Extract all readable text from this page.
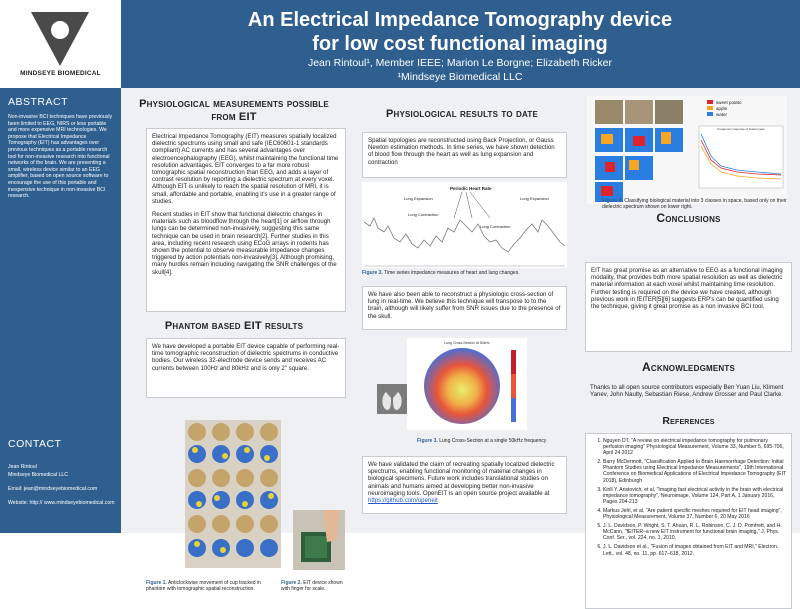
MINDSEYE BIOMEDICAL
An Electrical Impedance Tomography device
for low cost functional imaging
Jean Rintoul¹, Member IEEE; Marion Le Borgne; Elizabeth Ricker
¹Mindseye Biomedical LLC
ABSTRACT
Non-invasive BCI techniques have previously been limited to EEG, NIRS or less portable and more expensive MRI technologies. We propose that Electrical Impedance Tomography (EIT) has advantages over previous techniques as a portable research tool for non-invasive research into functional networks of the brain. We are presenting a small, wireless device similar to an EEG amplifier, based on open source software to encourage the use of this portable and inexpensive technique in non-invasive BCI research.
CONTACT
Jean Rintoul
Mindseye Biomedical LLC
Email: jean@mindseyebiomedical.com
Website: http:// www.mindseyebiomedical.com
Physiological measurements possible from EIT

Electrical Impedance Tomography (EIT) measures spatially localized dielectric spectrums using small and safe (IEC60601-1 standards compliant) AC currents and has several advantages over electroencephalography (EEG), whilst maintaining the functional time resolution advantages. EIT converges to a far more robust tomographic spatial reconstruction than EEG, and adds a layer of contrast resolution by reporting a dielectric spectrum at every voxel. Although EIT is unlikely to reach the spatial resolution of MRI, it is small, affordable and portable, enabling it's use in a greater range of studies.

Recent studies in EIT show that functional dielectric changes in materials such as bloodflow through the heart[1] or airflow through lungs can be determined non-invasively, suggesting this same technique can be used in brain research[2]. Further studies in this area, including recent research using ECoG arrays in rodents has shown the potential to observe measurable impedance changes triggered by action potentials non-invasively[3]. Although promising, many hurdles remain including navigating the SNR challenges of the skull[4].

Phantom based EIT results

We have developed a portable EIT device capable of performing real-time tomographic reconstruction of dielectric spectrums in conductive bodies. Our wireless 32-electrode device sends and receives AC currents between 100Hz and 80kHz and is only 2" square.

Figure 1. Anticlockwise movement of cup tracked in phantom with tomographic spatial reconstruction.
Figure 2. EIT device shown with finger for scale.
Physiological results to date

Spatial topologies are reconstructed using Back Projection, or Gauss Newton estimation methods. In time series, we have shown detection of blood flow through the heart as well as lung expansion and contraction

Periodic Heart Rate
Lung Expansion
Lung Contraction
Lung Expansion
Lung Contraction
Figure 3. Time series impedance measures of heart and lung changes.

We have also been able to reconstruct a physiologic cross-section of lung in real-time. We believe this technique will transpose to to the brain, although will likely suffer from SNR issues due to the presence of the skull.

Lung Cross-Section at 50kHz
Figure 3. Lung Cross-Section at a single 50kHz frequency

We have validated the claim of recreating spatially localized dielectric spectrums, enabling functional monitoring of material changes in biological specimens. Future work includes translational studies on animals and humans aimed at developing better non-invasive neuroimaging tools. OpenEIT is an open source project available at https://github.com/openeit

sweet potato
apple
water
Frequency response of tissue types
Figure 4. Classifying biological material into 3 classes in space, based only on their dielectric spectrum shown on lower right.
Conclusions

EIT has great promise as an alternative to EEG as a functional imaging modality, that provides both more spatial resolution as well as dielectric material information at each voxel whilst maintaining time resolution. Further testing is required on the device we have created, although previous work in fEITER[5][6] suggests ERP's can be quantified using the technique, giving it great promise as a non invasive BCI tool.

Acknowledgments

Thanks to all open source contributors especially Ben Yuan Liu, Kliment Yanev, John Naulty, Sebastian Riese, Andrew Grosser and Paul Clarke.

References
1. Nguyen DT, "A review on electrical impedance tomography for pulmonary perfusion imaging" Physiological Measurement, Volume 33, Number 5, 695-706, April 24 2012
2. Barry McDermott, "Classification Applied to Brain Haemorrhage Detection: Initial Phantom Studies using Electrical Impedance Measurements", 19th International Conference on Biomedical Applications of Electrical Impedance Tomography (EIT 2018), Edinburgh
3. Kirill Y. Aristovich, et al, "Imaging fast electrical activity in the brain with electrical impedance tomography", Neuroimage, Volume 124, Part A, 1 January 2016, Pages 204-213
4. Markus Jehl, et al, "Are patient specific meshes required for EIT head imaging", Physiological Measurement, Volume 37, Number 6, 20 May 2016
5. J. L. Davidson, P. Wright, S. T. Ahsan, R. L. Robinson, C. J. D. Pomfrett, and H. McCann, "fEITER–a new EIT instrument for functional brain imaging," J. Phys. Conf. Ser., vol. 224, no. 1, 2010.
6. J. L. Davidson et al., "Fusion of images obtained from EIT and MRI," Electron. Lett., vol. 48, no. 11, pp. 617–618, 2012.
